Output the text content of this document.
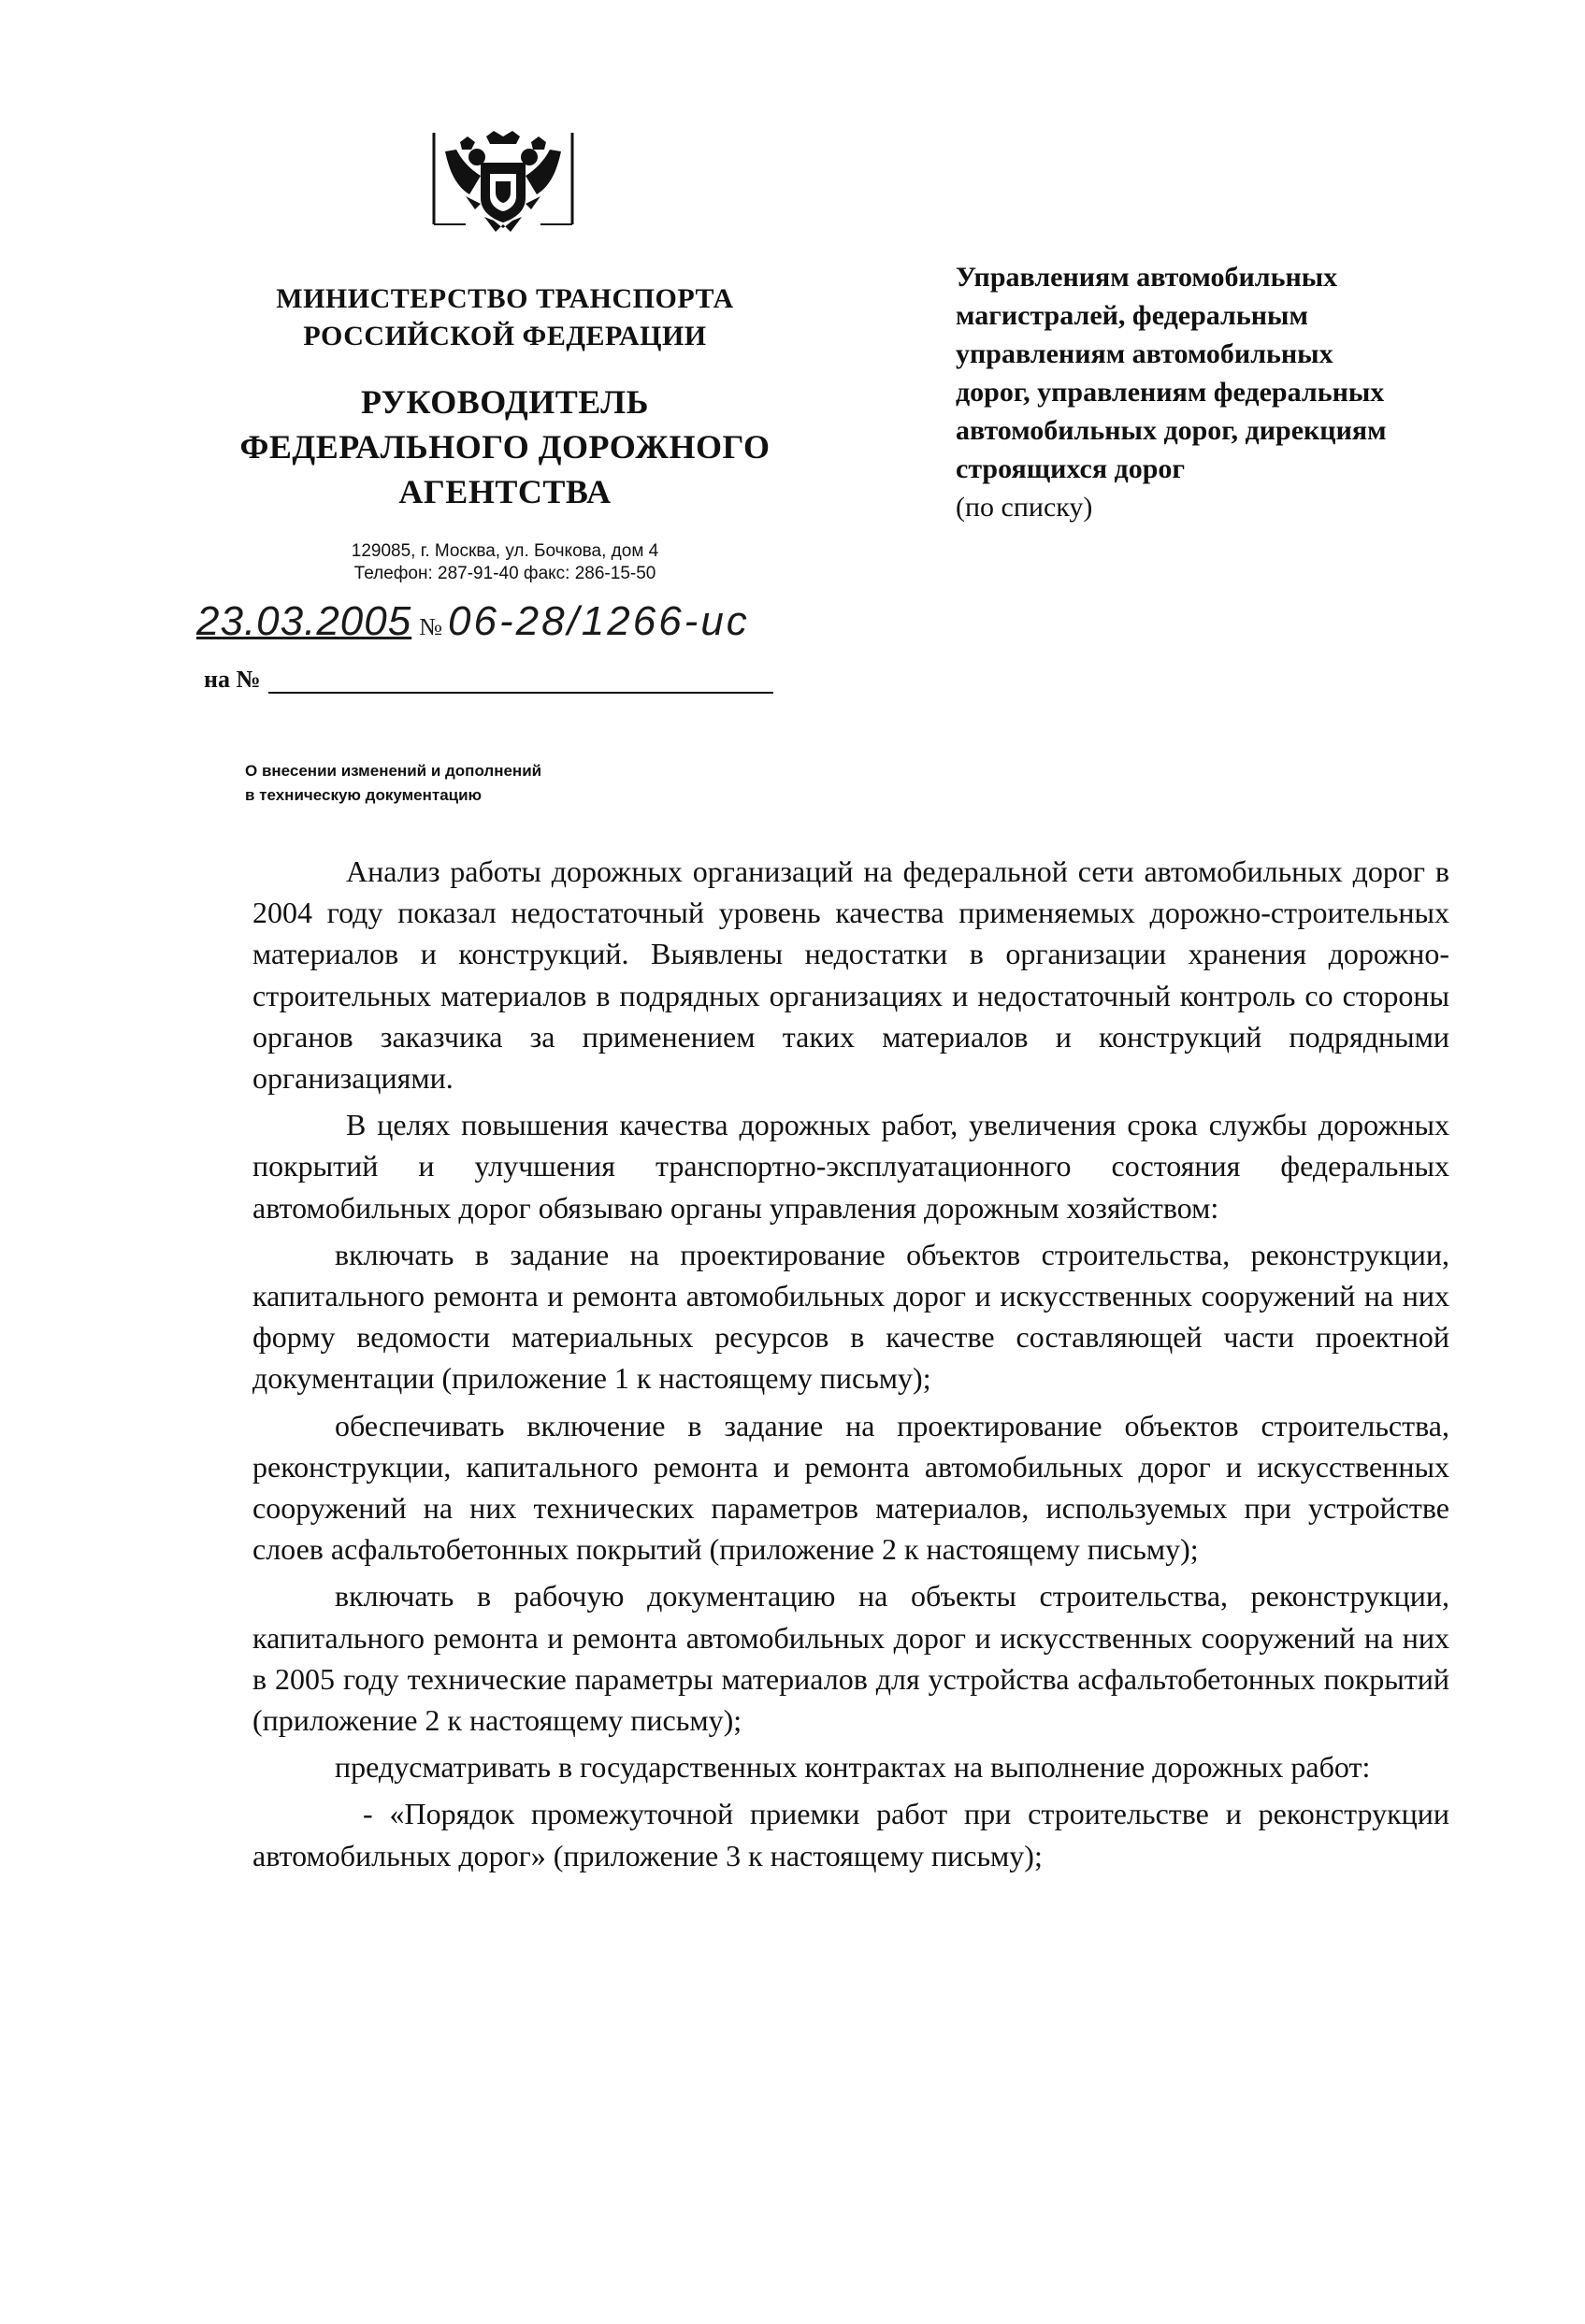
МИНИСТЕРСТВО ТРАНСПОРТА
РОССИЙСКОЙ ФЕДЕРАЦИИ
РУКОВОДИТЕЛЬ
ФЕДЕРАЛЬНОГО ДОРОЖНОГО
АГЕНТСТВА
129085, г. Москва, ул. Бочкова, дом 4
Телефон: 287-91-40 факс: 286-15-50
23.03.2005 № 06-28/1266-ис
на №
О внесении изменений и дополнений
в техническую документацию
Управлениям автомобильных
магистралей, федеральным
управлениям автомобильных
дорог, управлениям федеральных
автомобильных дорог, дирекциям
строящихся дорог
(по списку)

Анализ работы дорожных организаций на федеральной сети автомобильных дорог в 2004 году показал недостаточный уровень качества применяемых дорожно-строительных материалов и конструкций. Выявлены недостатки в организации хранения дорожно-строительных материалов в подрядных организациях и недостаточный контроль со стороны органов заказчика за применением таких материалов и конструкций подрядными организациями.

В целях повышения качества дорожных работ, увеличения срока службы дорожных покрытий и улучшения транспортно-эксплуатационного состояния федеральных автомобильных дорог обязываю органы управления дорожным хозяйством:

включать в задание на проектирование объектов строительства, реконструкции, капитального ремонта и ремонта автомобильных дорог и искусственных сооружений на них форму ведомости материальных ресурсов в качестве составляющей части проектной документации (приложение 1 к настоящему письму);

обеспечивать включение в задание на проектирование объектов строительства, реконструкции, капитального ремонта и ремонта автомобильных дорог и искусственных сооружений на них технических параметров материалов, используемых при устройстве слоев асфальтобетонных покрытий (приложение 2 к настоящему письму);

включать в рабочую документацию на объекты строительства, реконструкции, капитального ремонта и ремонта автомобильных дорог и искусственных сооружений на них в 2005 году технические параметры материалов для устройства асфальтобетонных покрытий (приложение 2 к настоящему письму);

предусматривать в государственных контрактах на выполнение дорожных работ:

- «Порядок промежуточной приемки работ при строительстве и реконструкции автомобильных дорог» (приложение 3 к настоящему письму);
